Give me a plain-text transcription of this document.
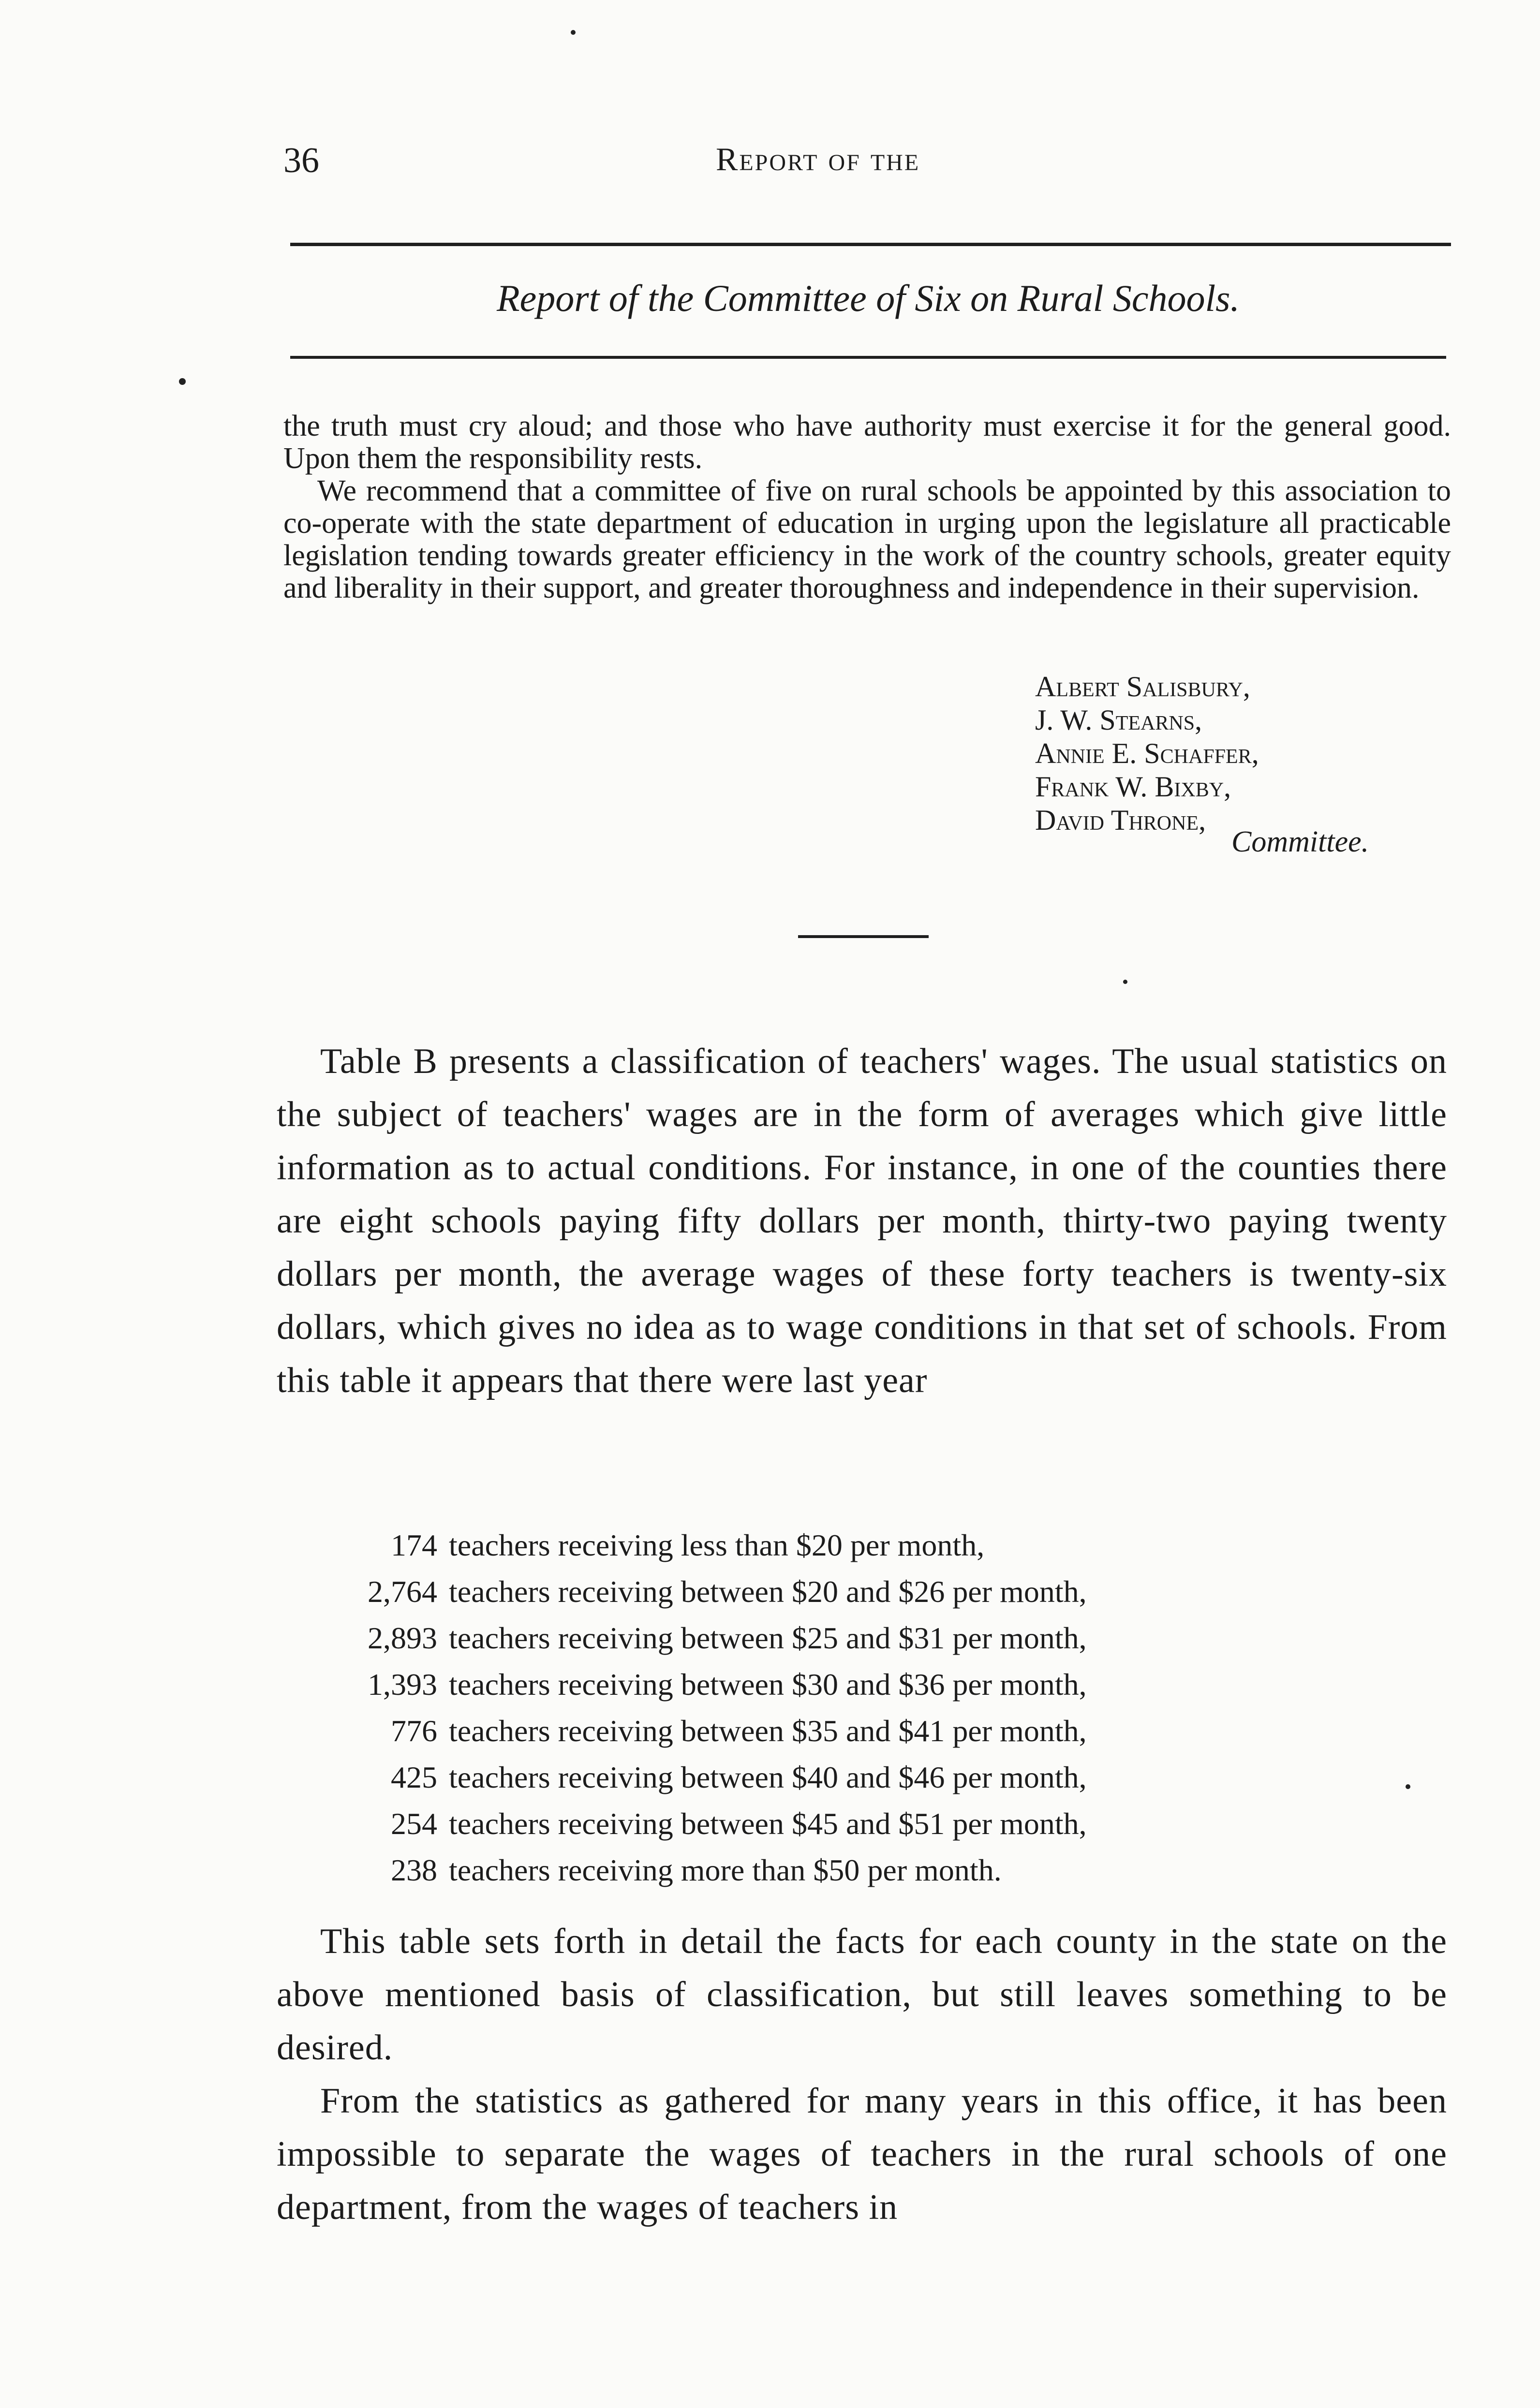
36	Report of the
Report of the Committee of Six on Rural Schools.

the truth must cry aloud; and those who have authority must exercise it for the general good. Upon them the responsibility rests.

We recommend that a committee of five on rural schools be appointed by this association to co-operate with the state department of education in urging upon the legislature all practicable legislation tending towards greater efficiency in the work of the country schools, greater equity and liberality in their support, and greater thoroughness and independence in their supervision.

Albert Salisbury,
J. W. Stearns,
Annie E. Schaffer,
Frank W. Bixby,
David Throne,
Committee.

Table B presents a classification of teachers' wages. The usual statistics on the subject of teachers' wages are in the form of averages which give little information as to actual conditions. For instance, in one of the counties there are eight schools paying fifty dollars per month, thirty-two paying twenty dollars per month, the average wages of these forty teachers is twenty-six dollars, which gives no idea as to wage conditions in that set of schools. From this table it appears that there were last year

174 teachers receiving less than $20 per month,
2,764 teachers receiving between $20 and $26 per month,
2,893 teachers receiving between $25 and $31 per month,
1,393 teachers receiving between $30 and $36 per month,
776 teachers receiving between $35 and $41 per month,
425 teachers receiving between $40 and $46 per month,
254 teachers receiving between $45 and $51 per month,
238 teachers receiving more than $50 per month.

This table sets forth in detail the facts for each county in the state on the above mentioned basis of classification, but still leaves something to be desired.

From the statistics as gathered for many years in this office, it has been impossible to separate the wages of teachers in the rural schools of one department, from the wages of teachers in
